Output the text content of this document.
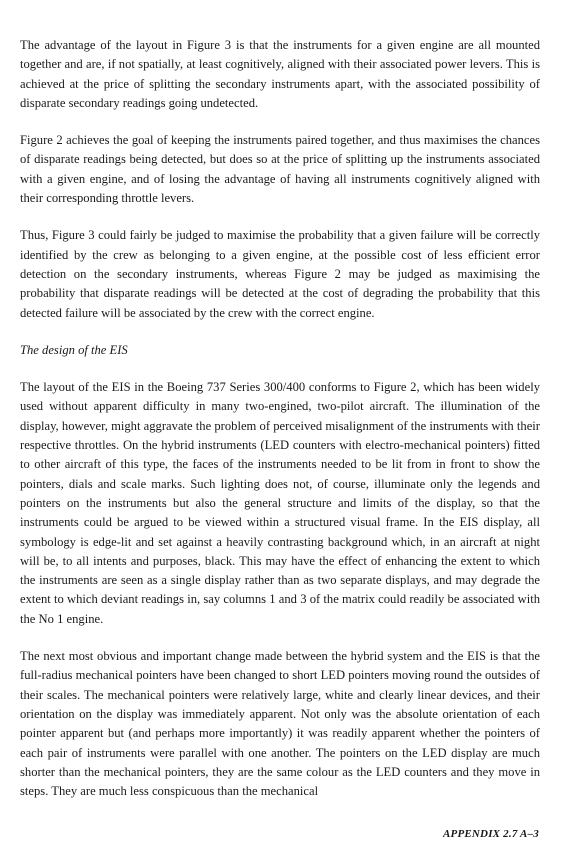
The advantage of the layout in Figure 3 is that the instruments for a given engine are all mounted together and are, if not spatially, at least cognitively, aligned with their associated power levers. This is achieved at the price of splitting the secondary instruments apart, with the associated possibility of disparate secondary readings going undetected.

Figure 2 achieves the goal of keeping the instruments paired together, and thus maximises the chances of disparate readings being detected, but does so at the price of splitting up the instruments associated with a given engine, and of losing the advantage of having all instruments cognitively aligned with their corresponding throttle levers.

Thus, Figure 3 could fairly be judged to maximise the probability that a given failure will be correctly identified by the crew as belonging to a given engine, at the possible cost of less efficient error detection on the secondary instruments, whereas Figure 2 may be judged as maximising the probability that disparate readings will be detected at the cost of degrading the probability that this detected failure will be associated by the crew with the correct engine.

The design of the EIS

The layout of the EIS in the Boeing 737 Series 300/400 conforms to Figure 2, which has been widely used without apparent difficulty in many two-engined, two-pilot aircraft. The illumination of the display, however, might aggravate the problem of perceived misalignment of the instruments with their respective throttles. On the hybrid instruments (LED counters with electro-mechanical pointers) fitted to other aircraft of this type, the faces of the instruments needed to be lit from in front to show the pointers, dials and scale marks. Such lighting does not, of course, illuminate only the legends and pointers on the instruments but also the general structure and limits of the display, so that the instruments could be argued to be viewed within a structured visual frame. In the EIS display, all symbology is edge-lit and set against a heavily contrasting background which, in an aircraft at night will be, to all intents and purposes, black. This may have the effect of enhancing the extent to which the instruments are seen as a single display rather than as two separate displays, and may degrade the extent to which deviant readings in, say columns 1 and 3 of the matrix could readily be associated with the No 1 engine.

The next most obvious and important change made between the hybrid system and the EIS is that the full-radius mechanical pointers have been changed to short LED pointers moving round the outsides of their scales. The mechanical pointers were relatively large, white and clearly linear devices, and their orientation on the display was immediately apparent. Not only was the absolute orientation of each pointer apparent but (and perhaps more importantly) it was readily apparent whether the pointers of each pair of instruments were parallel with one another. The pointers on the LED display are much shorter than the mechanical pointers, they are the same colour as the LED counters and they move in steps. They are much less conspicuous than the mechanical

APPENDIX 2.7 A–3
